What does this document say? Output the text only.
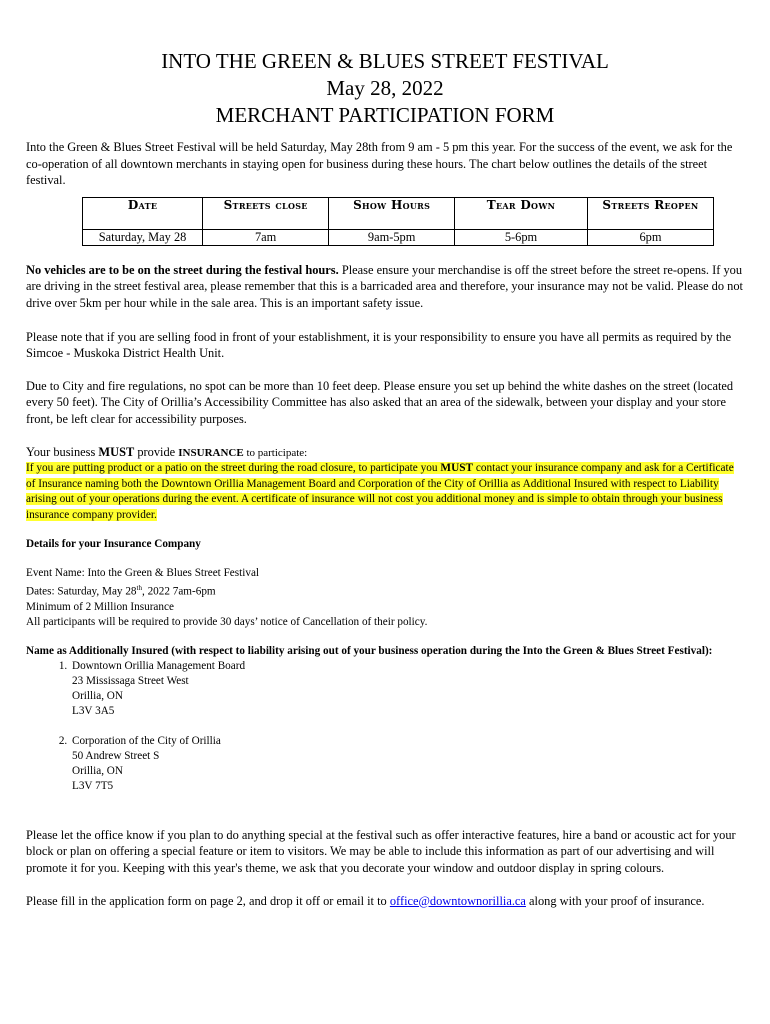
INTO THE GREEN & BLUES STREET FESTIVAL
May 28, 2022
MERCHANT PARTICIPATION FORM

Into the Green & Blues Street Festival will be held Saturday, May 28th from 9 am - 5 pm this year. For the success of the event, we ask for the co-operation of all downtown merchants in staying open for business during these hours. The chart below outlines the details of the street festival.

Date	Streets close	Show Hours	Tear Down	Streets Reopen
Saturday, May 28	7am	9am-5pm	5-6pm	6pm

No vehicles are to be on the street during the festival hours. Please ensure your merchandise is off the street before the street re-opens. If you are driving in the street festival area, please remember that this is a barricaded area and therefore, your insurance may not be valid. Please do not drive over 5km per hour while in the sale area. This is an important safety issue.

Please note that if you are selling food in front of your establishment, it is your responsibility to ensure you have all permits as required by the Simcoe - Muskoka District Health Unit.

Due to City and fire regulations, no spot can be more than 10 feet deep. Please ensure you set up behind the white dashes on the street (located every 50 feet). The City of Orillia’s Accessibility Committee has also asked that an area of the sidewalk, between your display and your store front, be left clear for accessibility purposes.

Your business MUST provide INSURANCE to participate:

If you are putting product or a patio on the street during the road closure, to participate you MUST contact your insurance company and ask for a Certificate of Insurance naming both the Downtown Orillia Management Board and Corporation of the City of Orillia as Additional Insured with respect to Liability arising out of your operations during the event. A certificate of insurance will not cost you additional money and is simple to obtain through your business insurance company provider.

Details for your Insurance Company

Event Name: Into the Green & Blues Street Festival

Dates: Saturday, May 28th, 2022 7am-6pm

Minimum of 2 Million Insurance

All participants will be required to provide 30 days’ notice of Cancellation of their policy.

Name as Additionally Insured (with respect to liability arising out of your business operation during the Into the Green & Blues Street Festival):

1. Downtown Orillia Management Board
23 Mississaga Street West
Orillia, ON
L3V 3A5
2. Corporation of the City of Orillia
50 Andrew Street S
Orillia, ON
L3V 7T5

Please let the office know if you plan to do anything special at the festival such as offer interactive features, hire a band or acoustic act for your block or plan on offering a special feature or item to visitors. We may be able to include this information as part of our advertising and will promote it for you. Keeping with this year's theme, we ask that you decorate your window and outdoor display in spring colours.

Please fill in the application form on page 2, and drop it off or email it to office@downtownorillia.ca along with your proof of insurance.
